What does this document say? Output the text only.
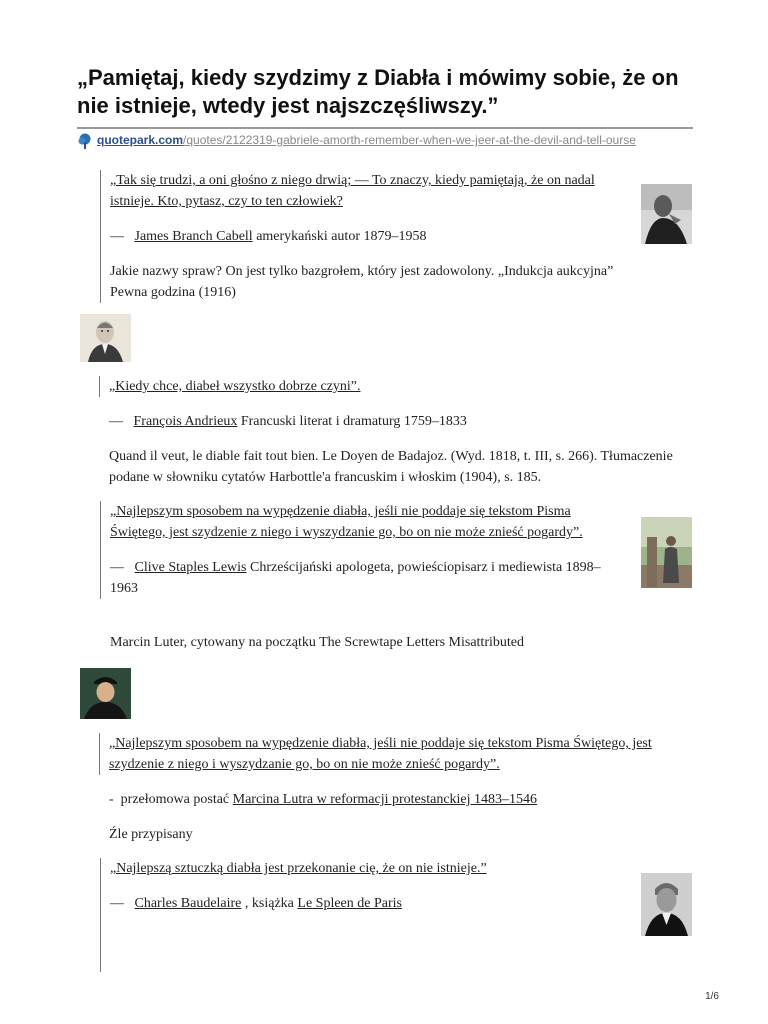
„Pamiętaj, kiedy szydzimy z Diabła i mówimy sobie, że on nie istnieje, wtedy jest najszczęśliwszy.”
quotepark.com/quotes/2122319-gabriele-amorth-remember-when-we-jeer-at-the-devil-and-tell-ourse

„Tak się trudzi, a oni głośno z niego drwią; — To znaczy, kiedy pamiętają, że on nadal istnieje. Kto, pytasz, czy to ten człowiek?

— James Branch Cabell amerykański autor 1879–1958

Jakie nazwy spraw? On jest tylko bazgrołem, który jest zadowolony. „Indukcja aukcyjna” Pewna godzina (1916)

„Kiedy chce, diabeł wszystko dobrze czyni”.

— François Andrieux Francuski literat i dramaturg 1759–1833

Quand il veut, le diable fait tout bien. Le Doyen de Badajoz. (Wyd. 1818, t. III, s. 266). Tłumaczenie podane w słowniku cytatów Harbottle'a francuskim i włoskim (1904), s. 185.

„Najlepszym sposobem na wypędzenie diabła, jeśli nie poddaje się tekstom Pisma Świętego, jest szydzenie z niego i wyszydzanie go, bo on nie może znieść pogardy”.

— Clive Staples Lewis Chrześcijański apologeta, powieściopisarz i mediewista 1898–1963

Marcin Luter, cytowany na początku The Screwtape Letters Misattributed

„Najlepszym sposobem na wypędzenie diabła, jeśli nie poddaje się tekstom Pisma Świętego, jest szydzenie z niego i wyszydzanie go, bo on nie może znieść pogardy”.

- przełomowa postać Marcina Lutra w reformacji protestanckiej 1483–1546

Źle przypisany

„Najlepszą sztuczką diabła jest przekonanie cię, że on nie istnieje.”

— Charles Baudelaire , książka Le Spleen de Paris

1/6
